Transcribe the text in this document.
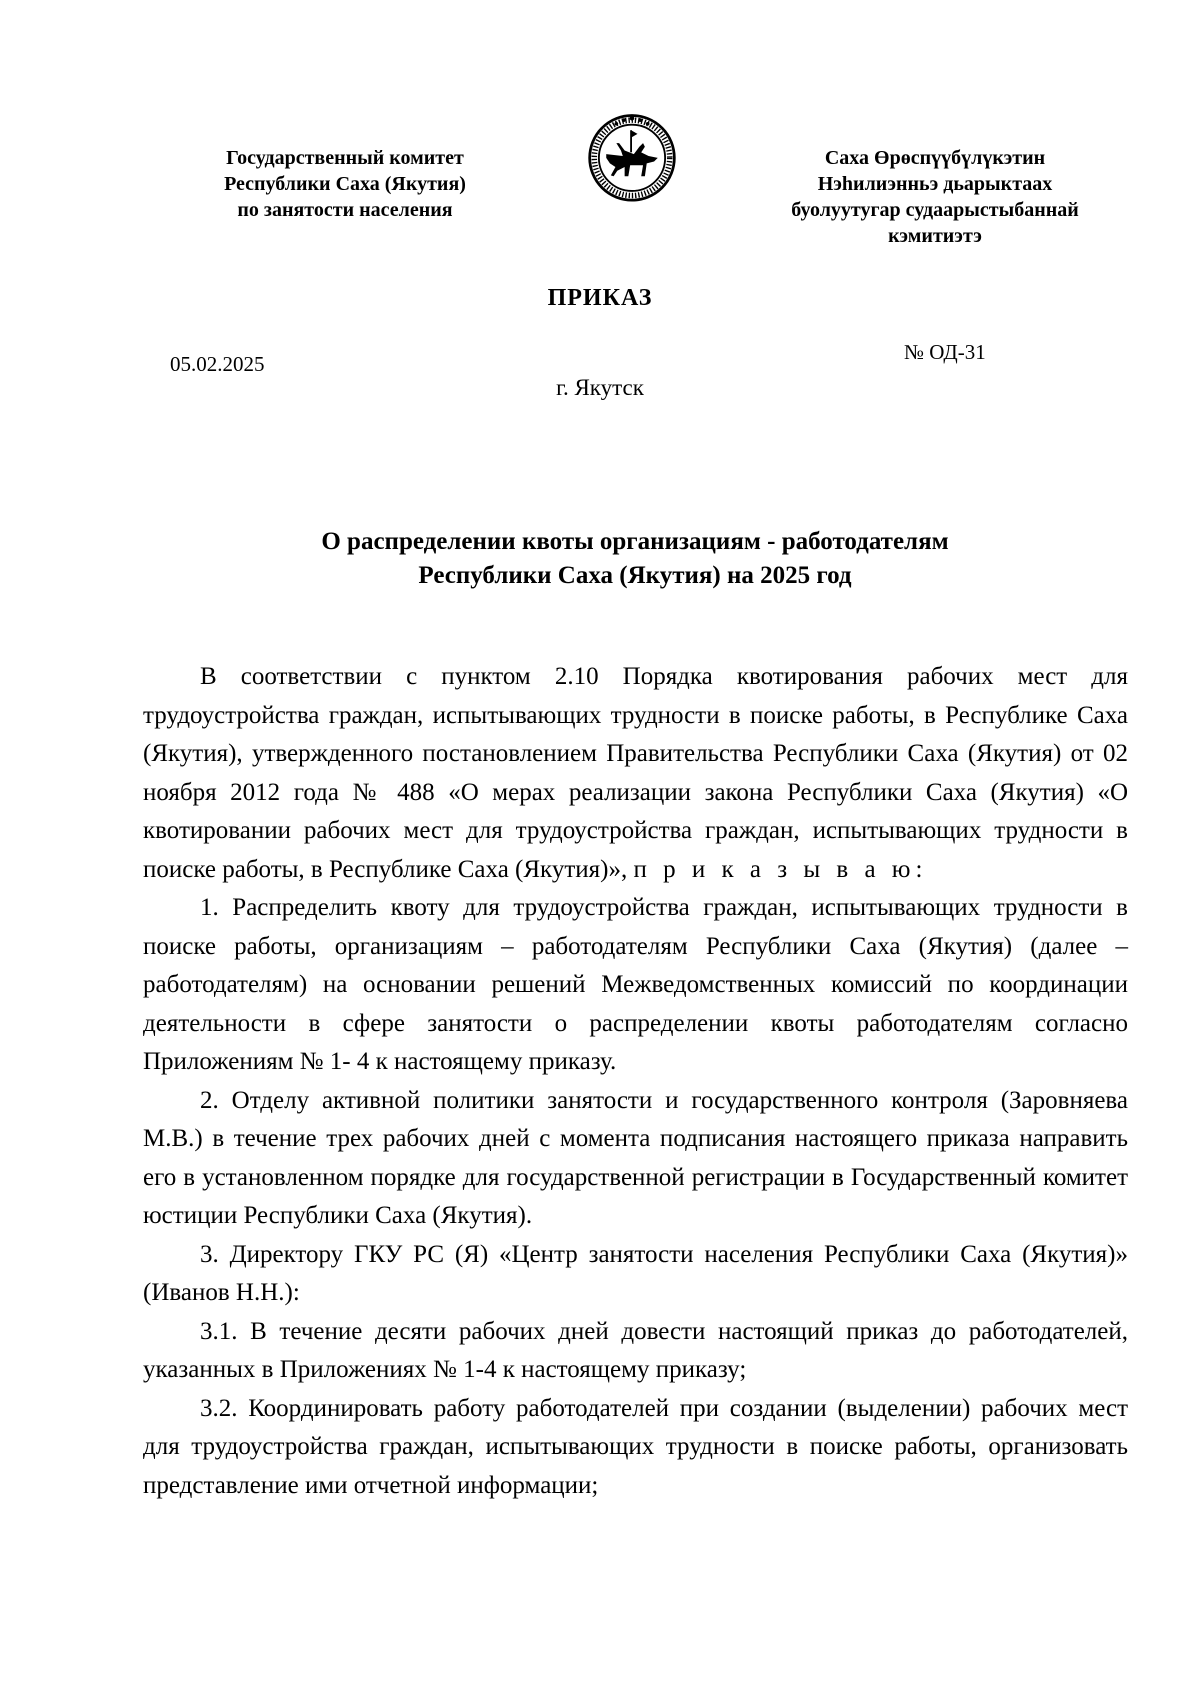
Государственный комитет
Республики Саха (Якутия)
по занятости населения
Саха Өрөспүүбүлүкэтин
Нэһилиэнньэ дьарыктаах
буолуутугар судаарыстыбаннай
кэмитиэтэ
ПРИКАЗ
05.02.2025	№ ОД-31
г. Якутск
О распределении квоты организациям - работодателям
Республики Саха (Якутия) на 2025 год

В соответствии с пунктом 2.10 Порядка квотирования рабочих мест для трудоустройства граждан, испытывающих трудности в поиске работы, в Республике Саха (Якутия), утвержденного постановлением Правительства Республики Саха (Якутия) от 02 ноября 2012 года № 488 «О мерах реализации закона Республики Саха (Якутия) «О квотировании рабочих мест для трудоустройства граждан, испытывающих трудности в поиске работы, в Республике Саха (Якутия)», п р и к а з ы в а ю:

1. Распределить квоту для трудоустройства граждан, испытывающих трудности в поиске работы, организациям – работодателям Республики Саха (Якутия) (далее – работодателям) на основании решений Межведомственных комиссий по координации деятельности в сфере занятости о распределении квоты работодателям согласно Приложениям № 1- 4 к настоящему приказу.

2. Отделу активной политики занятости и государственного контроля (Заровняева М.В.) в течение трех рабочих дней с момента подписания настоящего приказа направить его в установленном порядке для государственной регистрации в Государственный комитет юстиции Республики Саха (Якутия).

3. Директору ГКУ РС (Я) «Центр занятости населения Республики Саха (Якутия)» (Иванов Н.Н.):

3.1. В течение десяти рабочих дней довести настоящий приказ до работодателей, указанных в Приложениях № 1-4 к настоящему приказу;

3.2. Координировать работу работодателей при создании (выделении) рабочих мест для трудоустройства граждан, испытывающих трудности в поиске работы, организовать представление ими отчетной информации;
